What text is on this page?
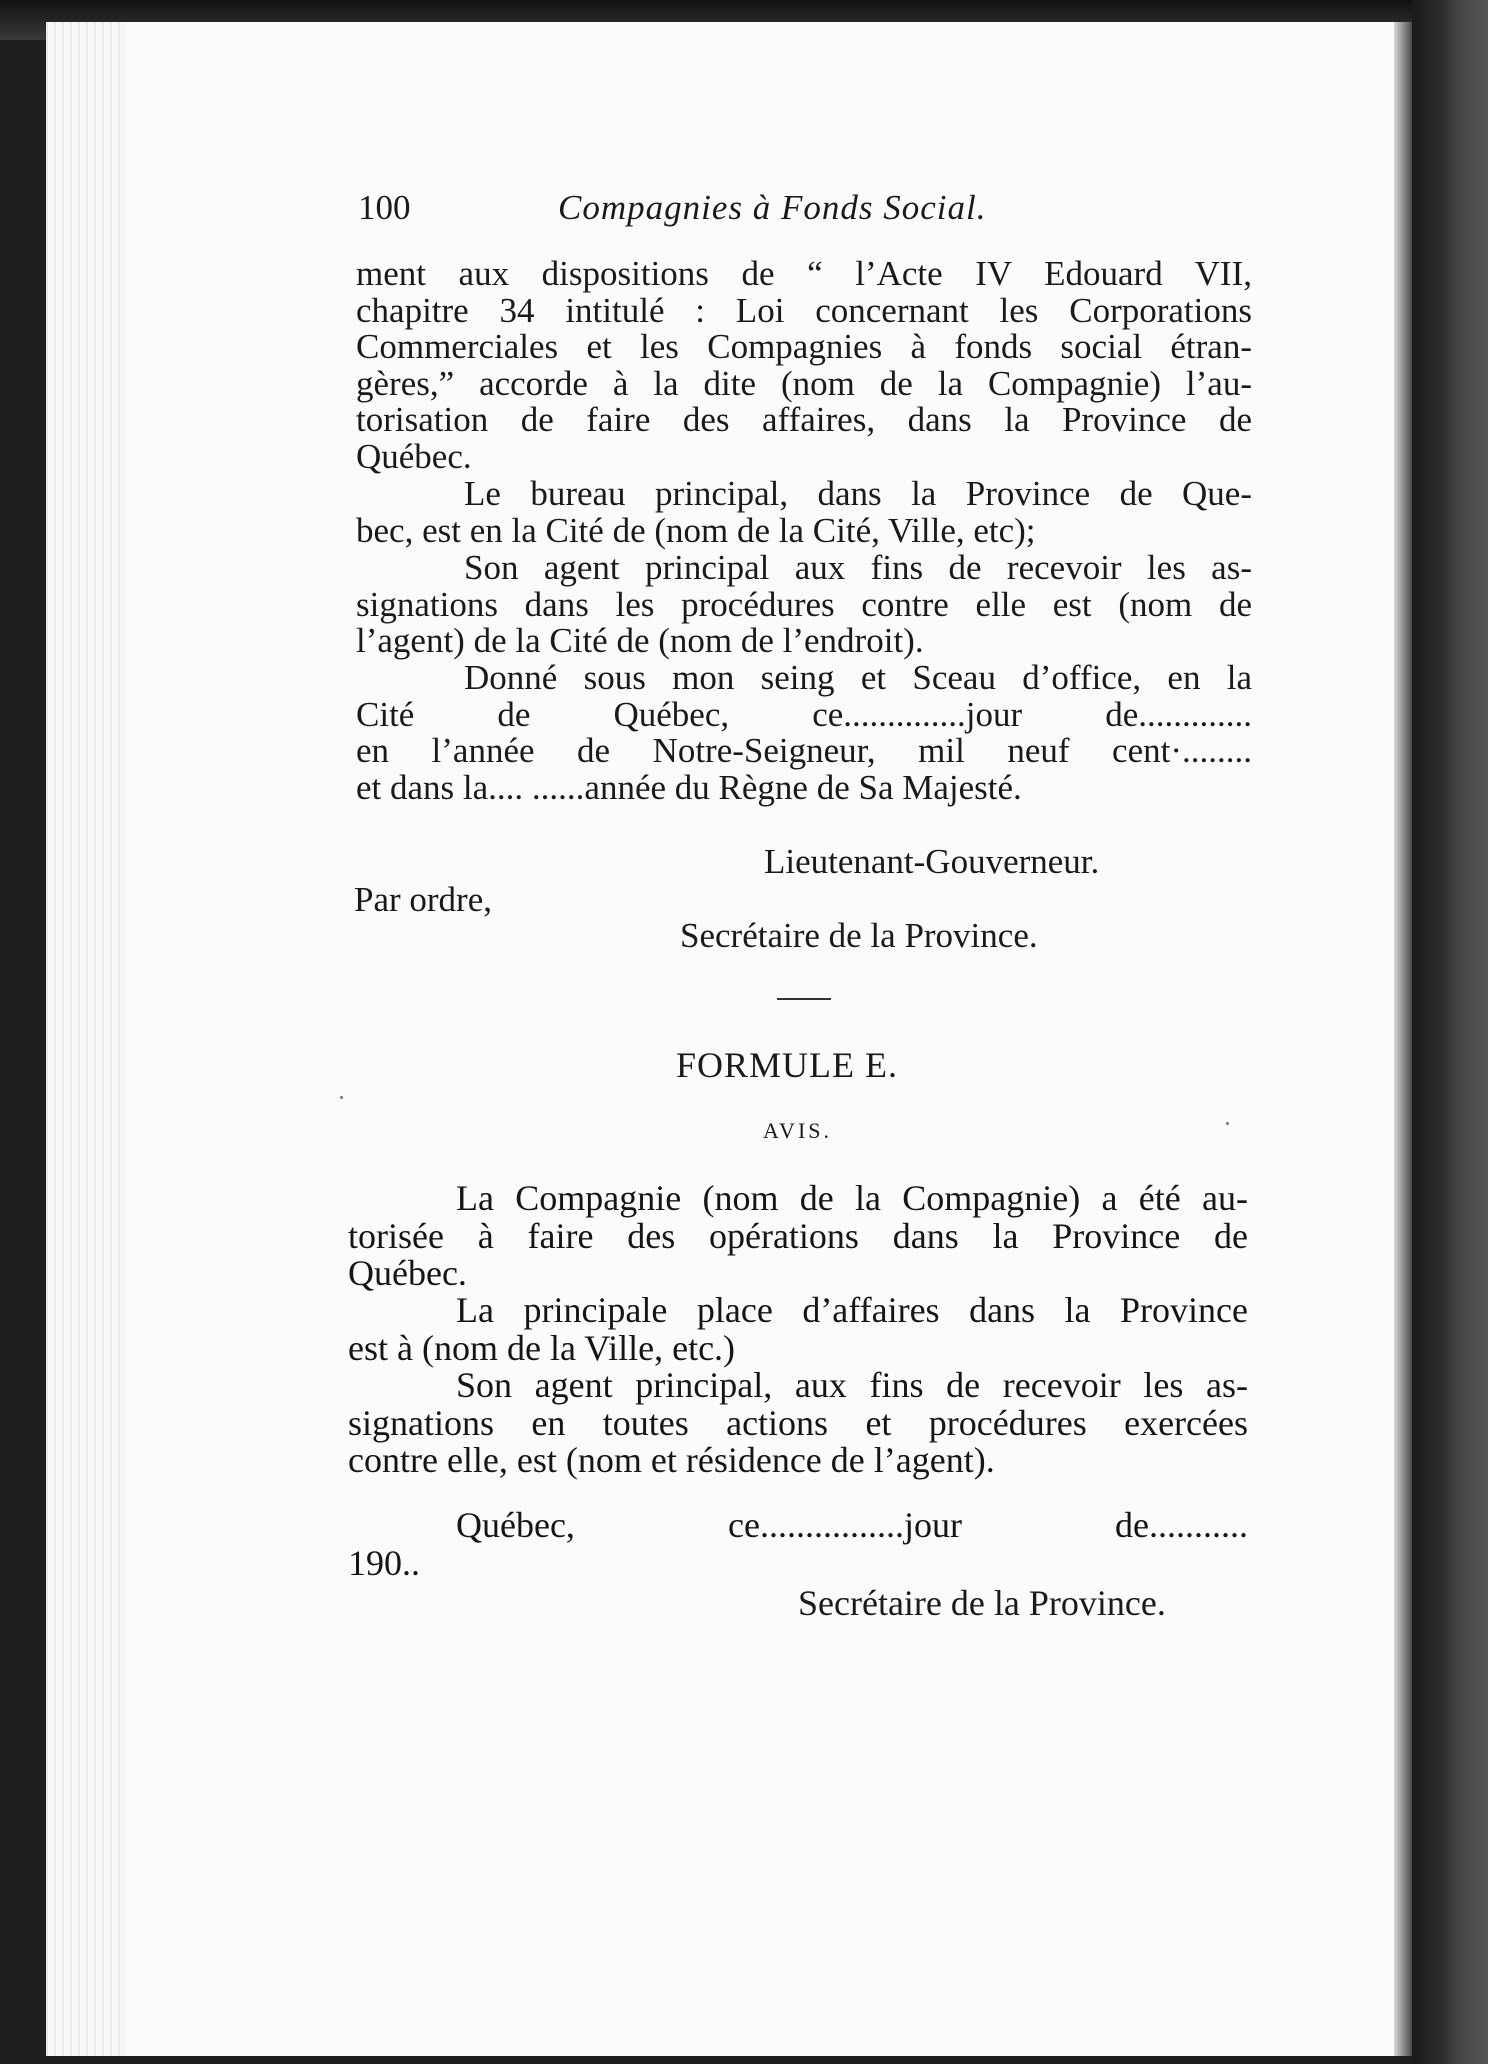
100	Compagnies à Fonds Social.
ment aux dispositions de “ l’Acte IV Edouard VII,
chapitre 34 intitulé : Loi concernant les Corporations
Commerciales et les Compagnies à fonds social étran-
gères,” accorde à la dite (nom de la Compagnie) l’au-
torisation de faire des affaires, dans la Province de
Québec.
Le bureau principal, dans la Province de Que-
bec, est en la Cité de (nom de la Cité, Ville, etc);
Son agent principal aux fins de recevoir les as-
signations dans les procédures contre elle est (nom de
l’agent) de la Cité de (nom de l’endroit).
Donné sous mon seing et Sceau d’office, en la
Cité de Québec, ce..............jour de.............
en l’année de Notre-Seigneur, mil neuf cent·........
et dans la.... ......année du Règne de Sa Majesté.
Lieutenant-Gouverneur.
Par ordre,
Secrétaire de la Province.
FORMULE E.
AVIS.
La Compagnie (nom de la Compagnie) a été au-
torisée à faire des opérations dans la Province de
Québec.
La principale place d’affaires dans la Province
est à (nom de la Ville, etc.)
Son agent principal, aux fins de recevoir les as-
signations en toutes actions et procédures exercées
contre elle, est (nom et résidence de l’agent).
Québec, ce................jour de...........
190..
Secrétaire de la Province.
